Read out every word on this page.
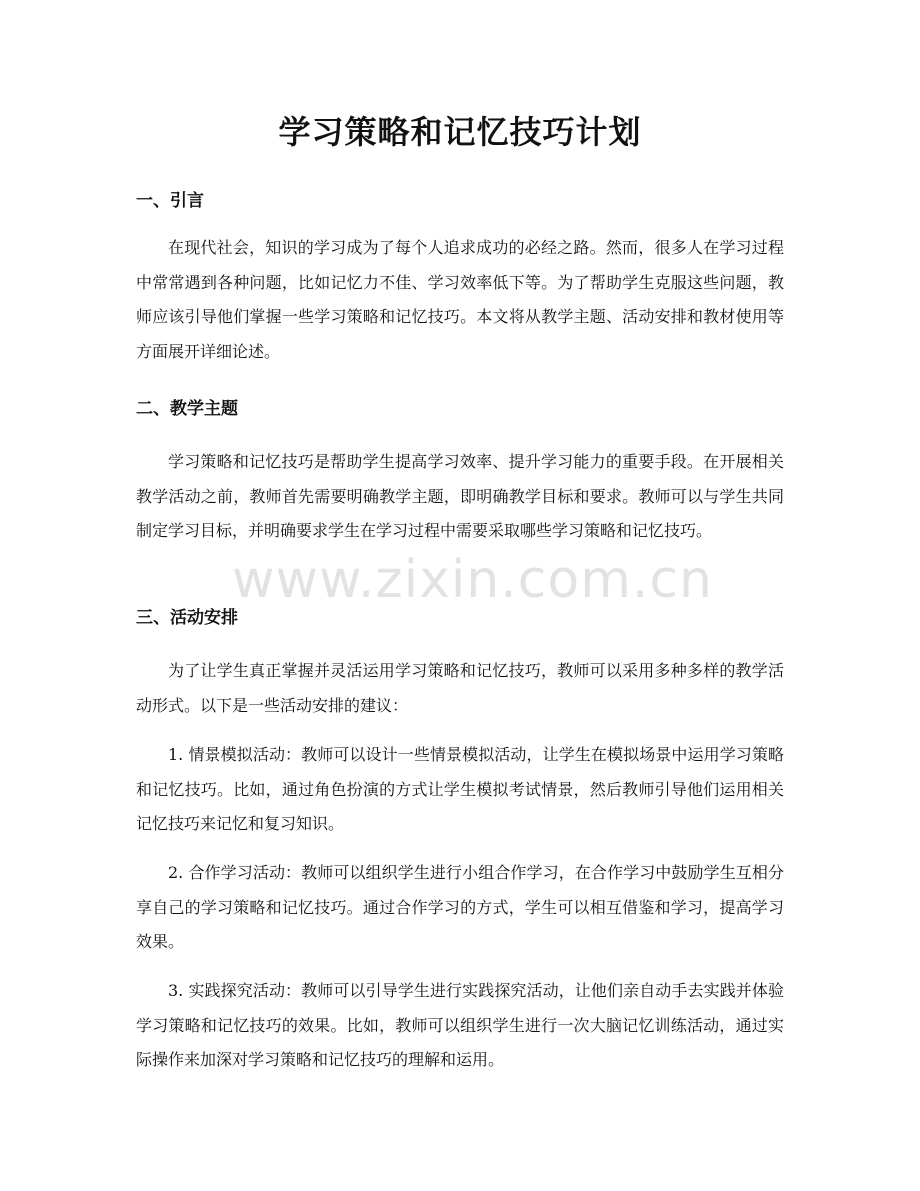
学习策略和记忆技巧计划
一、引言

在现代社会，知识的学习成为了每个人追求成功的必经之路。然而，很多人在学习过程中常常遇到各种问题，比如记忆力不佳、学习效率低下等。为了帮助学生克服这些问题，教师应该引导他们掌握一些学习策略和记忆技巧。本文将从教学主题、活动安排和教材使用等方面展开详细论述。

二、教学主题

学习策略和记忆技巧是帮助学生提高学习效率、提升学习能力的重要手段。在开展相关教学活动之前，教师首先需要明确教学主题，即明确教学目标和要求。教师可以与学生共同制定学习目标，并明确要求学生在学习过程中需要采取哪些学习策略和记忆技巧。

三、活动安排

为了让学生真正掌握并灵活运用学习策略和记忆技巧，教师可以采用多种多样的教学活动形式。以下是一些活动安排的建议：

1. 情景模拟活动：教师可以设计一些情景模拟活动，让学生在模拟场景中运用学习策略和记忆技巧。比如，通过角色扮演的方式让学生模拟考试情景，然后教师引导他们运用相关记忆技巧来记忆和复习知识。

2. 合作学习活动：教师可以组织学生进行小组合作学习，在合作学习中鼓励学生互相分享自己的学习策略和记忆技巧。通过合作学习的方式，学生可以相互借鉴和学习，提高学习效果。

3. 实践探究活动：教师可以引导学生进行实践探究活动，让他们亲自动手去实践并体验学习策略和记忆技巧的效果。比如，教师可以组织学生进行一次大脑记忆训练活动，通过实际操作来加深对学习策略和记忆技巧的理解和运用。

www.zixin.com.cn
